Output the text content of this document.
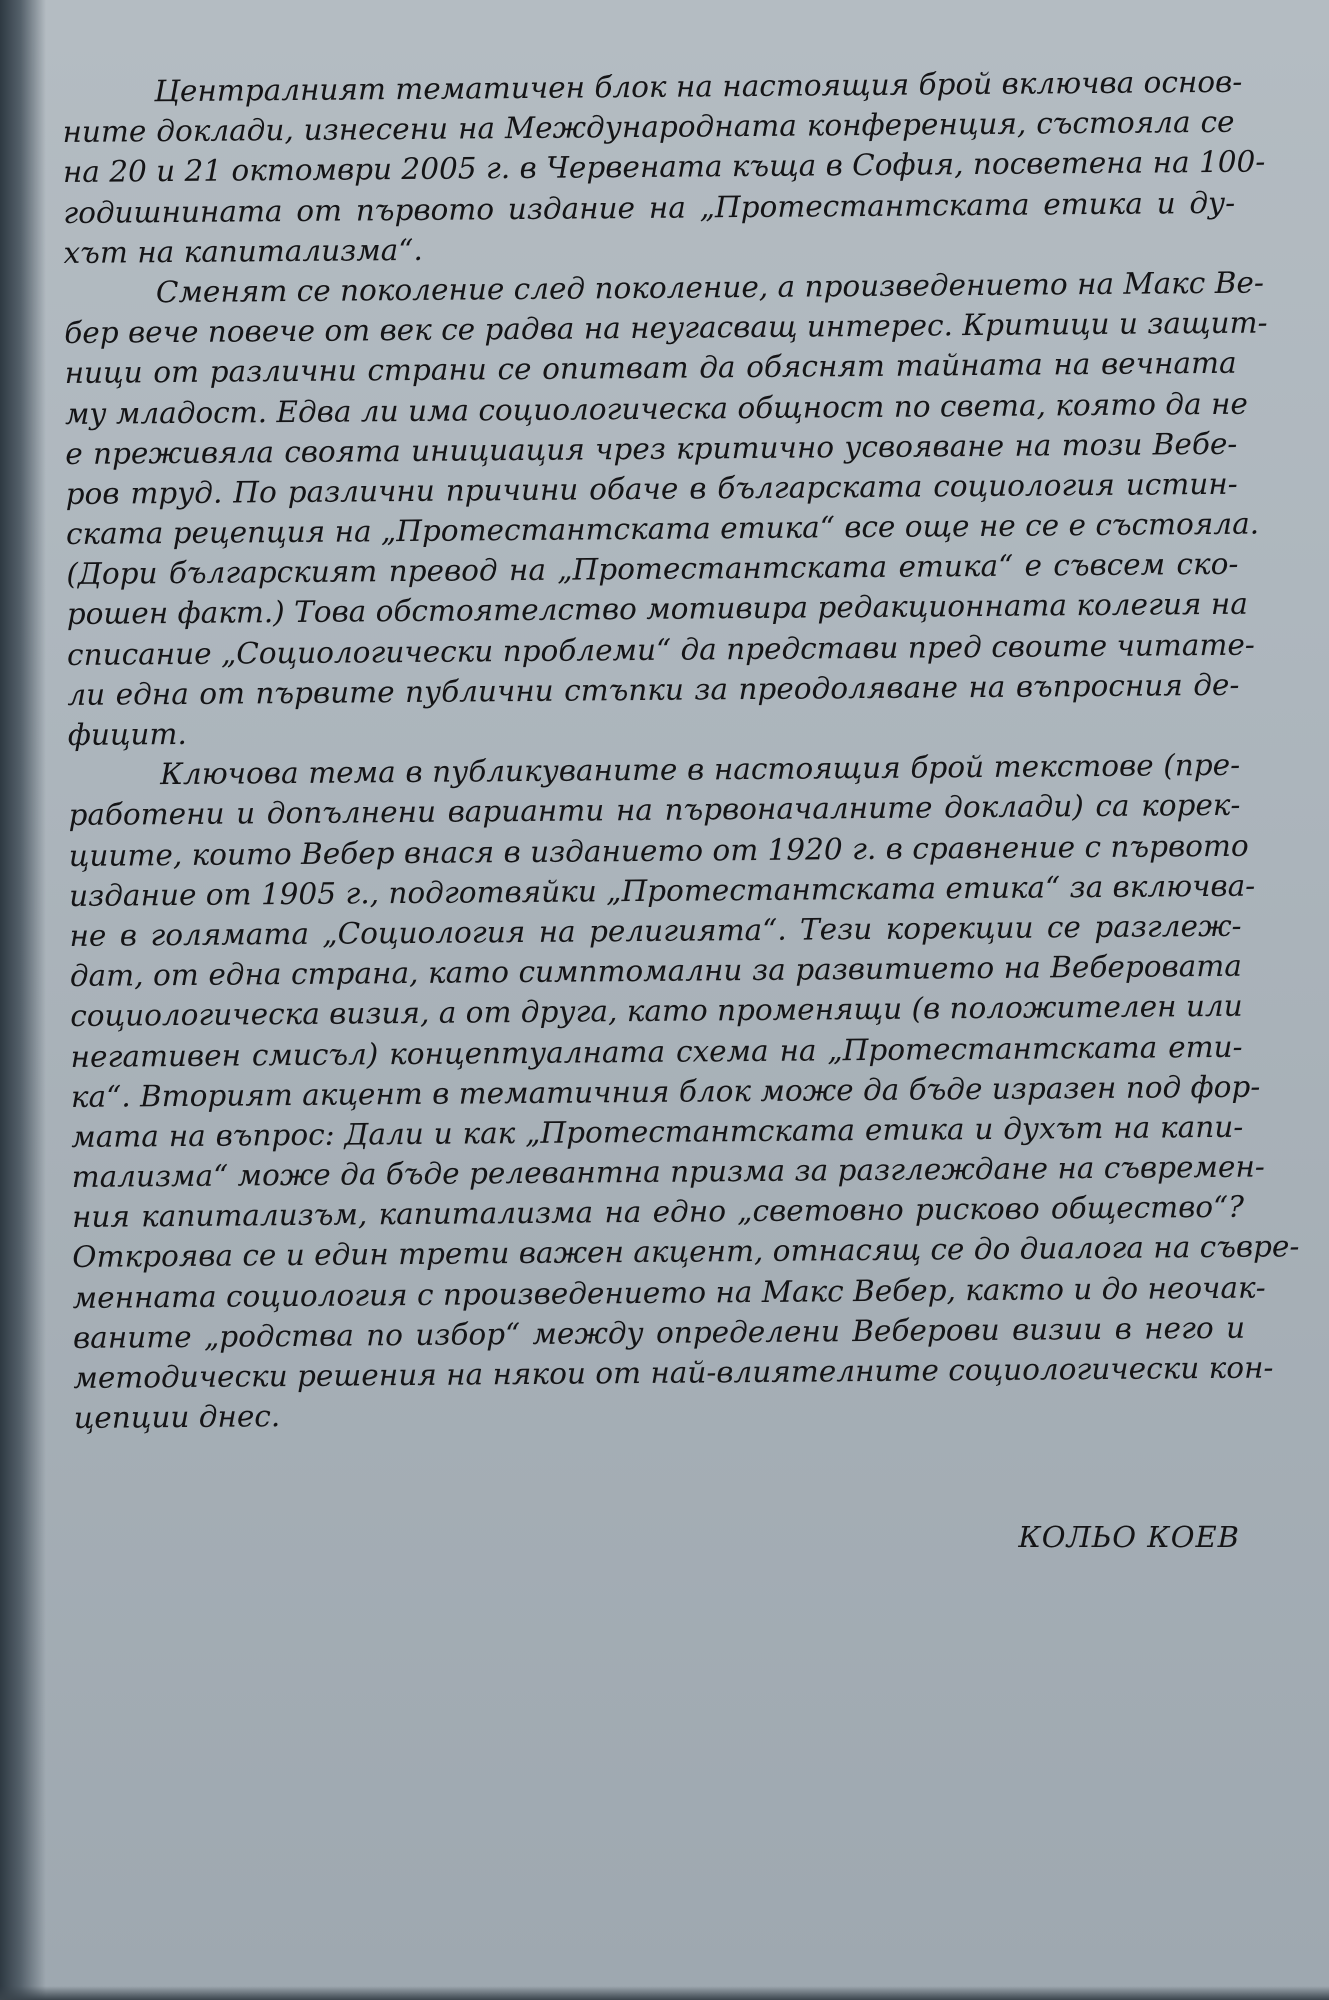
Централният тематичен блок на настоящия брой включва основ-
ните доклади, изнесени на Международната конференция, състояла се
на 20 и 21 октомври 2005 г. в Червената къща в София, посветена на 100-
годишнината от първото издание на „Протестантската етика и ду-
хът на капитализма“.
Сменят се поколение след поколение, а произведението на Макс Ве-
бер вече повече от век се радва на неугасващ интерес. Критици и защит-
ници от различни страни се опитват да обяснят тайната на вечната
му младост. Едва ли има социологическа общност по света, която да не
е преживяла своята инициация чрез критично усвояване на този Вебе-
ров труд. По различни причини обаче в българската социология истин-
ската рецепция на „Протестантската етика“ все още не се е състояла.
(Дори българският превод на „Протестантската етика“ е съвсем ско-
рошен факт.) Това обстоятелство мотивира редакционната колегия на
списание „Социологически проблеми“ да представи пред своите читате-
ли една от първите публични стъпки за преодоляване на въпросния де-
фицит.
Ключова тема в публикуваните в настоящия брой текстове (пре-
работени и допълнени варианти на първоначалните доклади) са корек-
циите, които Вебер внася в изданието от 1920 г. в сравнение с първото
издание от 1905 г., подготвяйки „Протестантската етика“ за включва-
не в голямата „Социология на религията“. Тези корекции се разглеж-
дат, от една страна, като симптомални за развитието на Веберовата
социологическа визия, а от друга, като променящи (в положителен или
негативен смисъл) концептуалната схема на „Протестантската ети-
ка“. Вторият акцент в тематичния блок може да бъде изразен под фор-
мата на въпрос: Дали и как „Протестантската етика и духът на капи-
тализма“ може да бъде релевантна призма за разглеждане на съвремен-
ния капитализъм, капитализма на едно „световно рисково общество“?
Откроява се и един трети важен акцент, отнасящ се до диалога на съвре-
менната социология с произведението на Макс Вебер, както и до неочак-
ваните „родства по избор“ между определени Веберови визии в него и
методически решения на някои от най-влиятелните социологически кон-
цепции днес.
КОЛЬО КОЕВ
